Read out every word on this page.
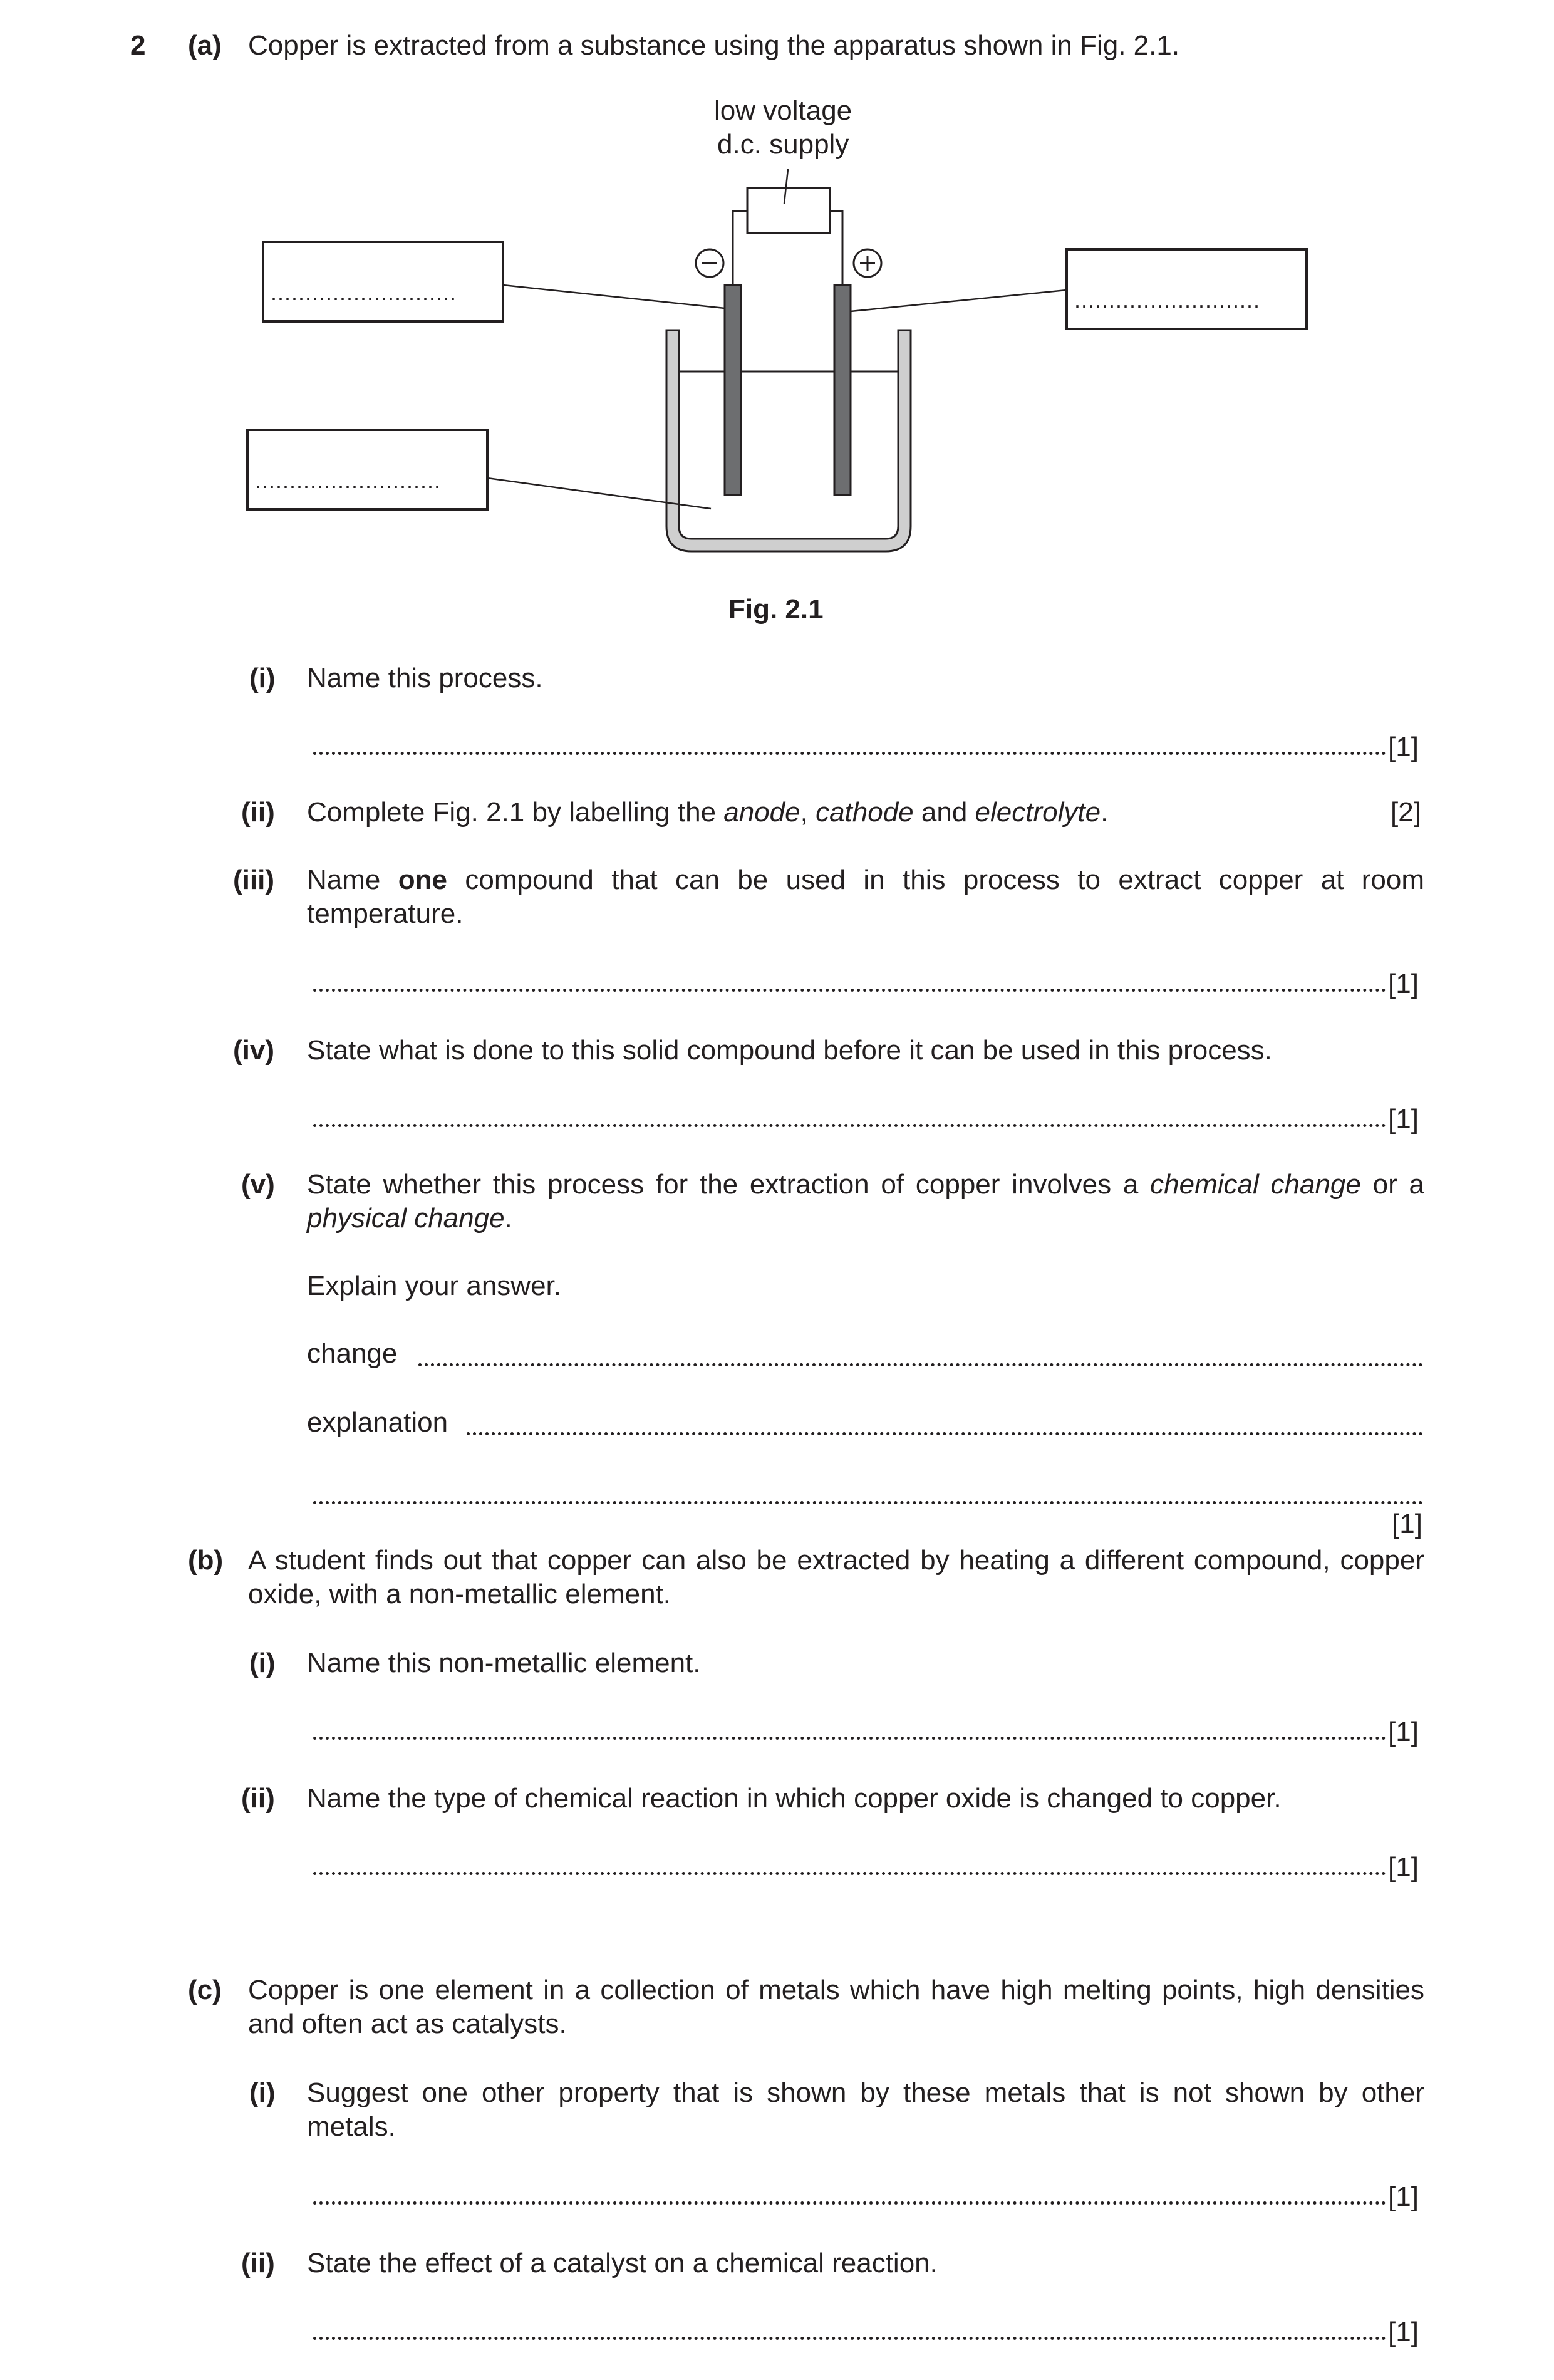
2 (a) Copper is extracted from a substance using the apparatus shown in Fig. 2.1.
low voltage
d.c. supply
...........................	...........................
...........................
Fig. 2.1
(i) Name this process.
[1]
(ii) Complete Fig. 2.1 by labelling the anode, cathode and electrolyte.	[2]
(iii) Name one compound that can be used in this process to extract copper at room
temperature.
[1]
(iv) State what is done to this solid compound before it can be used in this process.
[1]
(v) State whether this process for the extraction of copper involves a chemical change or a
physical change.
Explain your answer.
change
explanation
[1]
(b) A student finds out that copper can also be extracted by heating a different compound, copper
oxide, with a non-metallic element.
(i) Name this non-metallic element.
[1]
(ii) Name the type of chemical reaction in which copper oxide is changed to copper.
[1]
(c) Copper is one element in a collection of metals which have high melting points, high densities
and often act as catalysts.
(i) Suggest one other property that is shown by these metals that is not shown by other
metals.
[1]
(ii) State the effect of a catalyst on a chemical reaction.
[1]
